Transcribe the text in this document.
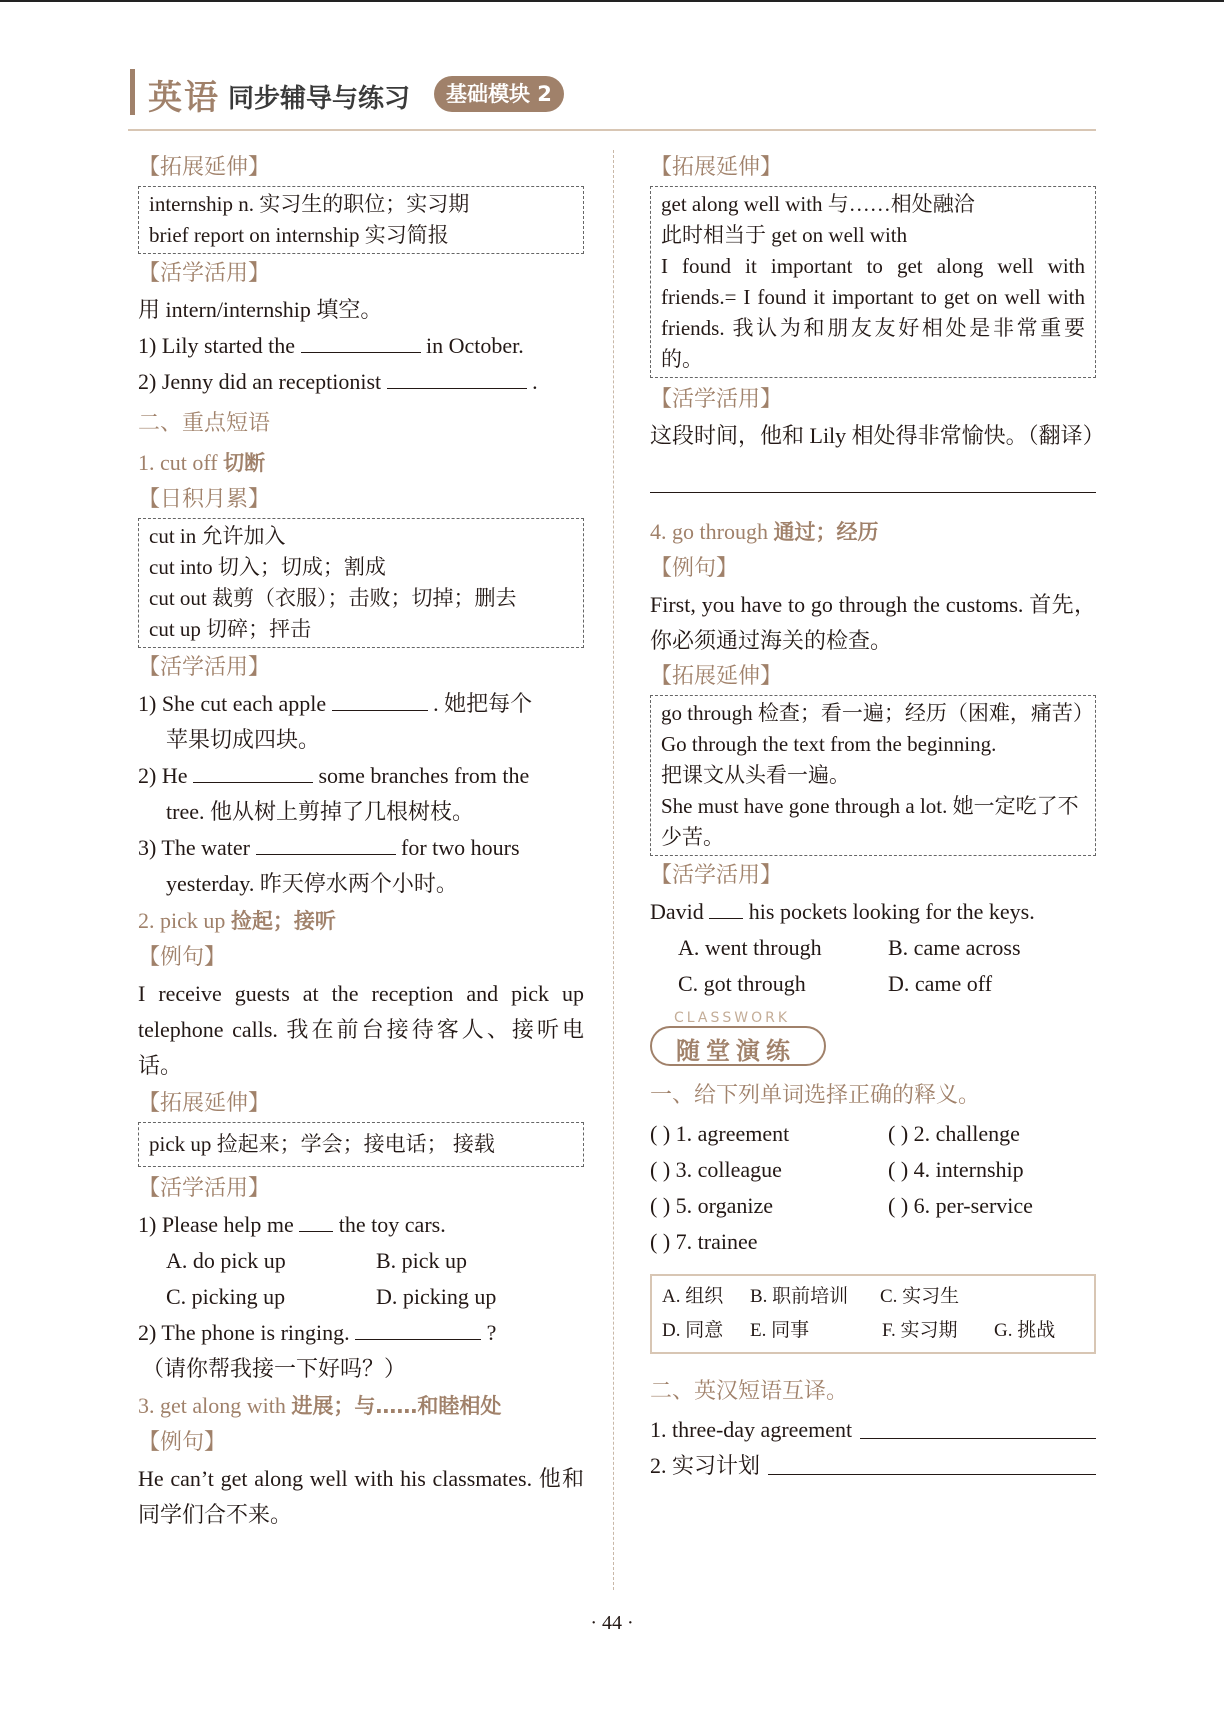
英语 同步辅导与练习	基础模块 2
【拓展延伸】
internship n. 实习生的职位；实习期
brief report on internship 实习简报
【活学活用】
用 intern/internship 填空。
1) Lily started the	in October.
2) Jenny did an receptionist	.
二、重点短语
1. cut off 切断
【日积月累】
cut in 允许加入
cut into 切入；切成；割成
cut out 裁剪（衣服）；击败；切掉；删去
cut up 切碎；抨击
【活学活用】
1) She cut each apple	. 她把每个
苹果切成四块。
2) He	some branches from the
tree. 他从树上剪掉了几根树枝。
3) The water	for two hours
yesterday. 昨天停水两个小时。
2. pick up 捡起；接听
【例句】
I receive guests at the reception and pick up telephone calls. 我在前台接待客人、接听电话。
【拓展延伸】
pick up 捡起来；学会；接电话； 接载
【活学活用】
1) Please help me the toy cars.
A. do pick up	B. pick up
C. picking up	D. picking up
2) The phone is ringing.	?
（请你帮我接一下好吗？）
3. get along with 进展；与……和睦相处
【例句】
He can’t get along well with his classmates. 他和同学们合不来。
【拓展延伸】
get along well with 与……相处融洽
此时相当于 get on well with
I found it important to get along well with friends.= I found it important to get on well with friends. 我认为和朋友友好相处是非常重要的。
【活学活用】
这段时间，他和 Lily 相处得非常愉快。（翻译）
4. go through 通过；经历
【例句】
First, you have to go through the customs. 首先，你必须通过海关的检查。
【拓展延伸】
go through 检查；看一遍；经历（困难，痛苦）
Go through the text from the beginning.
把课文从头看一遍。
She must have gone through a lot. 她一定吃了不少苦。
【活学活用】
David his pockets looking for the keys.
A. went through	B. came across
C. got through	D. came off
CLASSWORK
随堂演练
一、给下列单词选择正确的释义。
( ) 1. agreement	( ) 2. challenge
( ) 3. colleague	( ) 4. internship
( ) 5. organize	( ) 6. per-service
( ) 7. trainee
A. 组织	B. 职前培训	C. 实习生
D. 同意	E. 同事	F. 实习期	G. 挑战
二、英汉短语互译。
1. three-day agreement
2. 实习计划
· 44 ·
